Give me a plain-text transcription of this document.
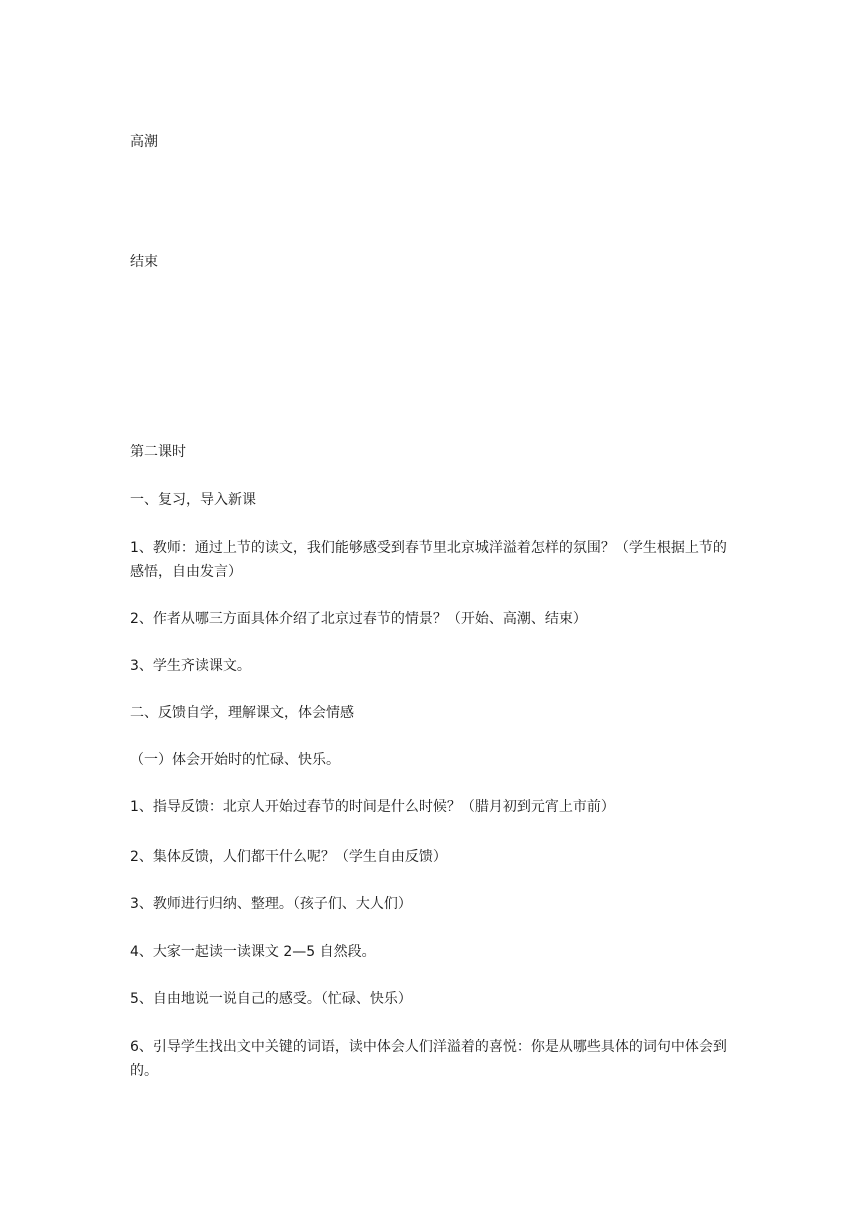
高潮
结束
第二课时
一、复习，导入新课
1、教师：通过上节的读文，我们能够感受到春节里北京城洋溢着怎样的氛围？（学生根据上节的感悟，自由发言）
2、作者从哪三方面具体介绍了北京过春节的情景？（开始、高潮、结束）
3、学生齐读课文。
二、反馈自学，理解课文，体会情感
（一）体会开始时的忙碌、快乐。
1、指导反馈：北京人开始过春节的时间是什么时候？（腊月初到元宵上市前）
2、集体反馈，人们都干什么呢？（学生自由反馈）
3、教师进行归纳、整理。（孩子们、大人们）
4、大家一起读一读课文 2—5 自然段。
5、自由地说一说自己的感受。（忙碌、快乐）
6、引导学生找出文中关键的词语，读中体会人们洋溢着的喜悦：你是从哪些具体的词句中体会到的。
